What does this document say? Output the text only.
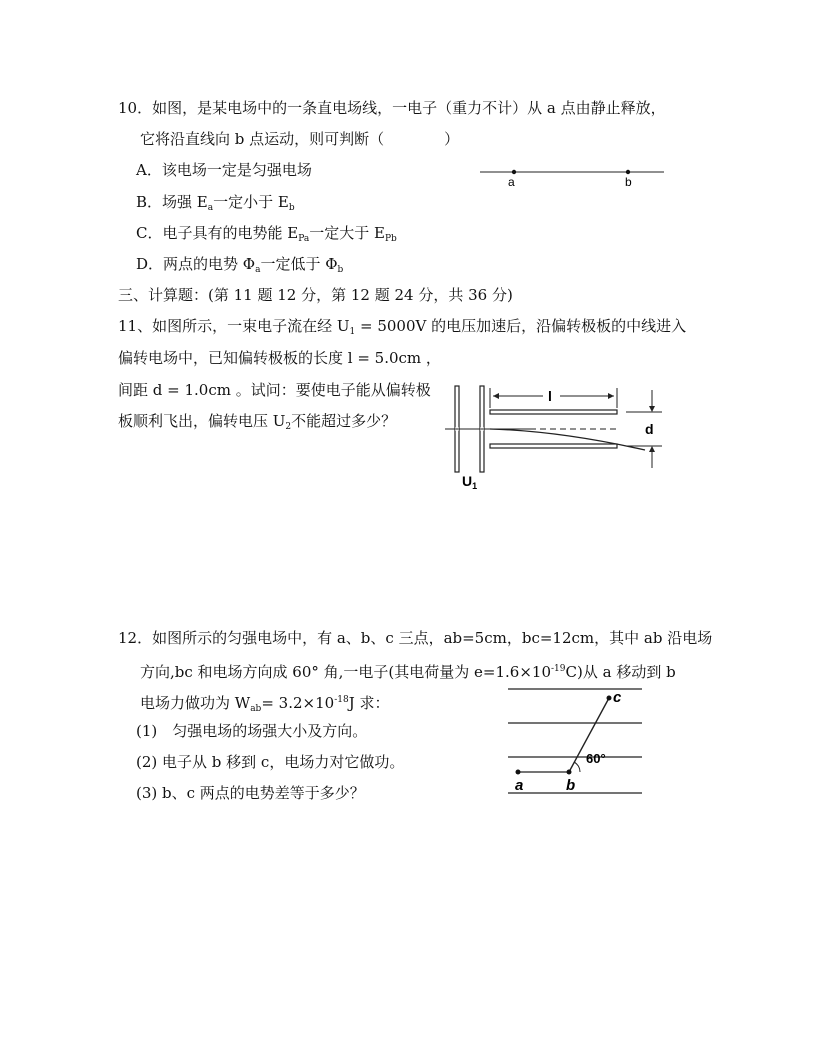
10．如图，是某电场中的一条直电场线，一电子（重力不计）从 a 点由静止释放，
它将沿直线向 b 点运动，则可判断（　　　　）
A．该电场一定是匀强电场
B．场强 $E_a$一定小于 $E_b$
C．电子具有的电势能 $E_{Pa}$一定大于 $E_{Pb}$
D．两点的电势 $\Phi_a$一定低于 $\Phi_b$
a	b
三、计算题：(第 11 题 12 分，第 12 题 24 分，共 36 分)
11、如图所示，一束电子流在经 $U_1 = 5000V$ 的电压加速后，沿偏转极板的中线进入
偏转电场中，已知偏转极板的长度 l = 5.0cm ，
间距 d = 1.0cm 。试问：要使电子能从偏转极
板顺利飞出，偏转电压 $U_2$不能超过多少？
l
d
$U_1$
12．如图所示的匀强电场中，有 a、b、c 三点，ab=5cm，bc=12cm，其中 ab 沿电场
方向,bc 和电场方向成 60° 角,一电子(其电荷量为 $e=1.6\times 10^{-19}C$)从 a 移动到 b
电场力做功为 $W_{ab}= 3.2\times 10^{-18}J$ 求：
(1)　匀强电场的场强大小及方向。
(2) 电子从 b 移到 c，电场力对它做功。
(3) b、c 两点的电势差等于多少？
60°
a	b
c
